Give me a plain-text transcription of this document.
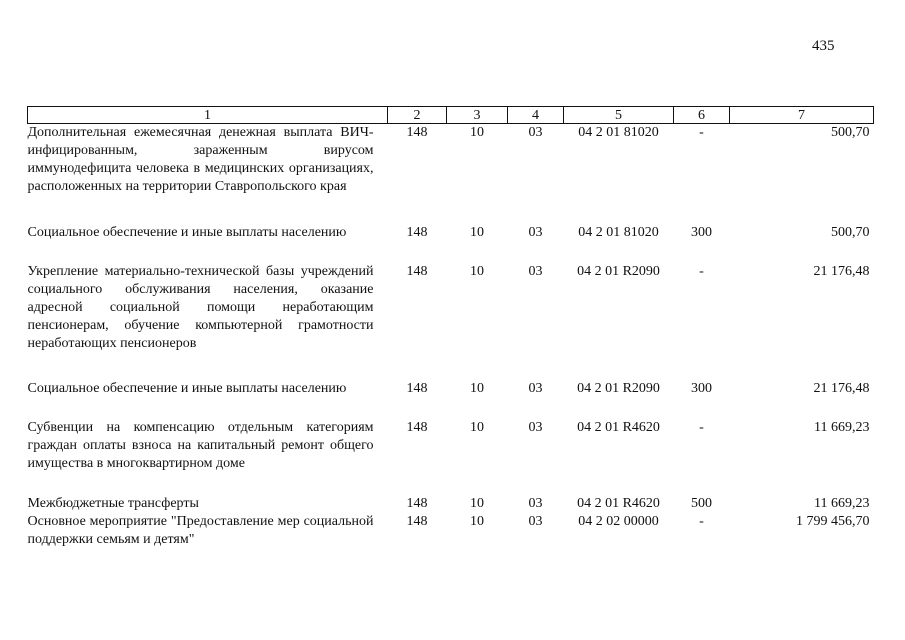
435
1	2	3	4	5	6	7
Дополнительная ежемесячная денежная выплата ВИЧ-инфицированным, зараженным вирусом иммунодефицита человека в медицинских организациях, расположенных на территории Ставропольского края	148	10	03	04 2 01 81020	-	500,70
Социальное обеспечение и иные выплаты населению	148	10	03	04 2 01 81020	300	500,70
Укрепление материально-технической базы учреждений социального обслуживания населения, оказание адресной социальной помощи неработающим пенсионерам, обучение компьютерной грамотности неработающих пенсионеров	148	10	03	04 2 01 R2090	-	21 176,48
Социальное обеспечение и иные выплаты населению	148	10	03	04 2 01 R2090	300	21 176,48
Субвенции на компенсацию отдельным категориям граждан оплаты взноса на капитальный ремонт общего имущества в многоквартирном доме	148	10	03	04 2 01 R4620	-	11 669,23
Межбюджетные трансферты	148	10	03	04 2 01 R4620	500	11 669,23
Основное мероприятие "Предоставление мер социальной поддержки семьям и детям"	148	10	03	04 2 02 00000	-	1 799 456,70
